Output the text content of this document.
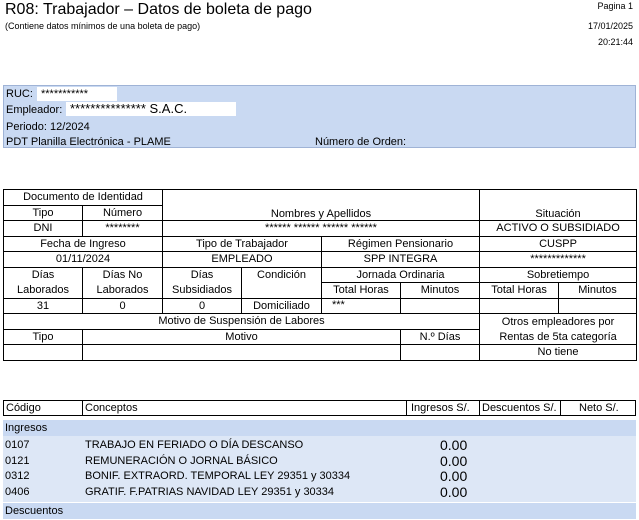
R08: Trabajador – Datos de boleta de pago
(Contiene datos mínimos de una boleta de pago)
Pagina 1
17/01/2025
20:21:44
RUC: ***********
Empleador: *************** S.A.C.
Periodo: 12/2024
PDT Planilla Electrónica - PLAME	Número de Orden:
Documento de Identidad		Nombres y Apellidos				Situación	
Tipo	Número						
DNI	********	****** ****** ****** ******				ACTIVO O SUBSIDIADO	
Fecha de Ingreso		Tipo de Trabajador		Régimen Pensionario		CUSPP	
01/11/2024		EMPLEADO		SPP INTEGRA		*************	
Días	Días No	Días	Condición	Jornada Ordinaria		Sobretiempo	
Laborados	Laborados	Subsidiados		Total Horas	Minutos	Total Horas	Minutos
31	0	0	Domiciliado	***			
Motivo de Suspensión de Labores						Otros empleadores por	
Tipo	Motivo				N.º Días	Rentas de 5ta categoría	
						No tiene	
Código	Conceptos	Ingresos S/. Descuentos S/. Neto S/.
Ingresos
0107	TRABAJO EN FERIADO O DÍA DESCANSO	0.00
0121	REMUNERACIÓN O JORNAL BÁSICO	0.00
0312	BONIF. EXTRAORD. TEMPORAL LEY 29351 y 30334	0.00
0406	GRATIF. F.PATRIAS NAVIDAD LEY 29351 y 30334	0.00
Descuentos
